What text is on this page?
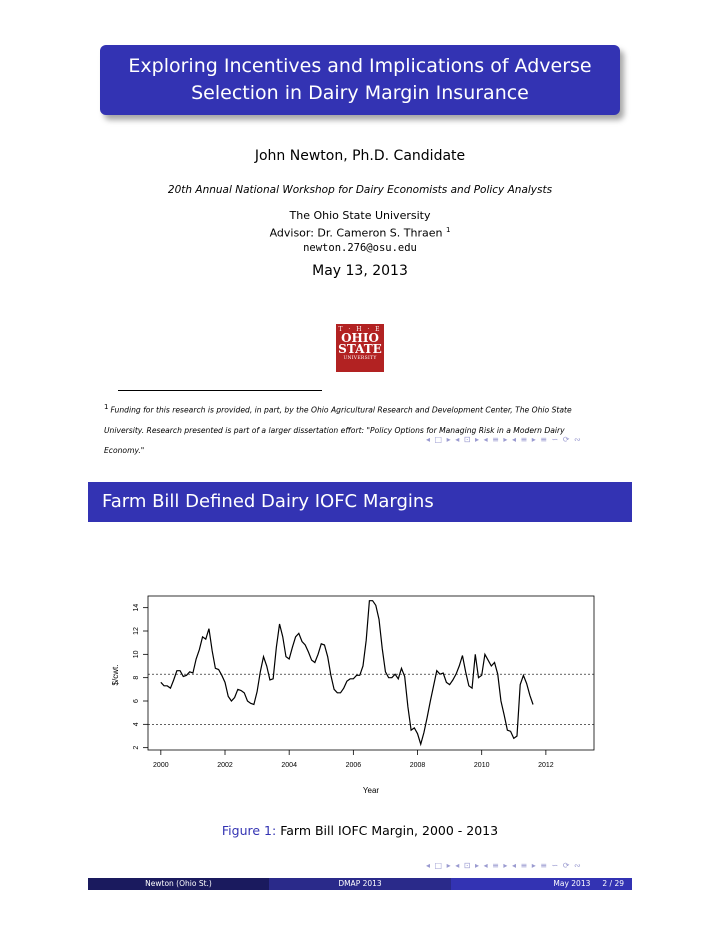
Exploring Incentives and Implications of Adverse
Selection in Dairy Margin Insurance
John Newton, Ph.D. Candidate
20th Annual National Workshop for Dairy Economists and Policy Analysts
The Ohio State University
Advisor: Dr. Cameron S. Thraen $^1$
newton.276@osu.edu
May 13, 2013
T · H · E
OHIO
STATE
UNIVERSITY
$^1$ Funding for this research is provided, in part, by the Ohio Agricultural Research and Development Center, The Ohio State University. Research presented is part of a larger dissertation effort: "Policy Options for Managing Risk in a Modern Dairy Economy."
◂ □ ▸ ◂ ⊡ ▸ ◂ ≡ ▸ ◂ ≡ ▸ ≡ ∽ ⟳ ∾
Farm Bill Defined Dairy IOFC Margins
2
4
6
8
10
12
14
2000	2002	2004	2006	2008	2010	2012
$/cwt.
Year
Figure 1: Farm Bill IOFC Margin, 2000 - 2013
◂ □ ▸ ◂ ⊡ ▸ ◂ ≡ ▸ ◂ ≡ ▸ ≡ ∽ ⟳ ∾
Newton (Ohio St.)	DMAP 2013	May 2013 2 / 29
